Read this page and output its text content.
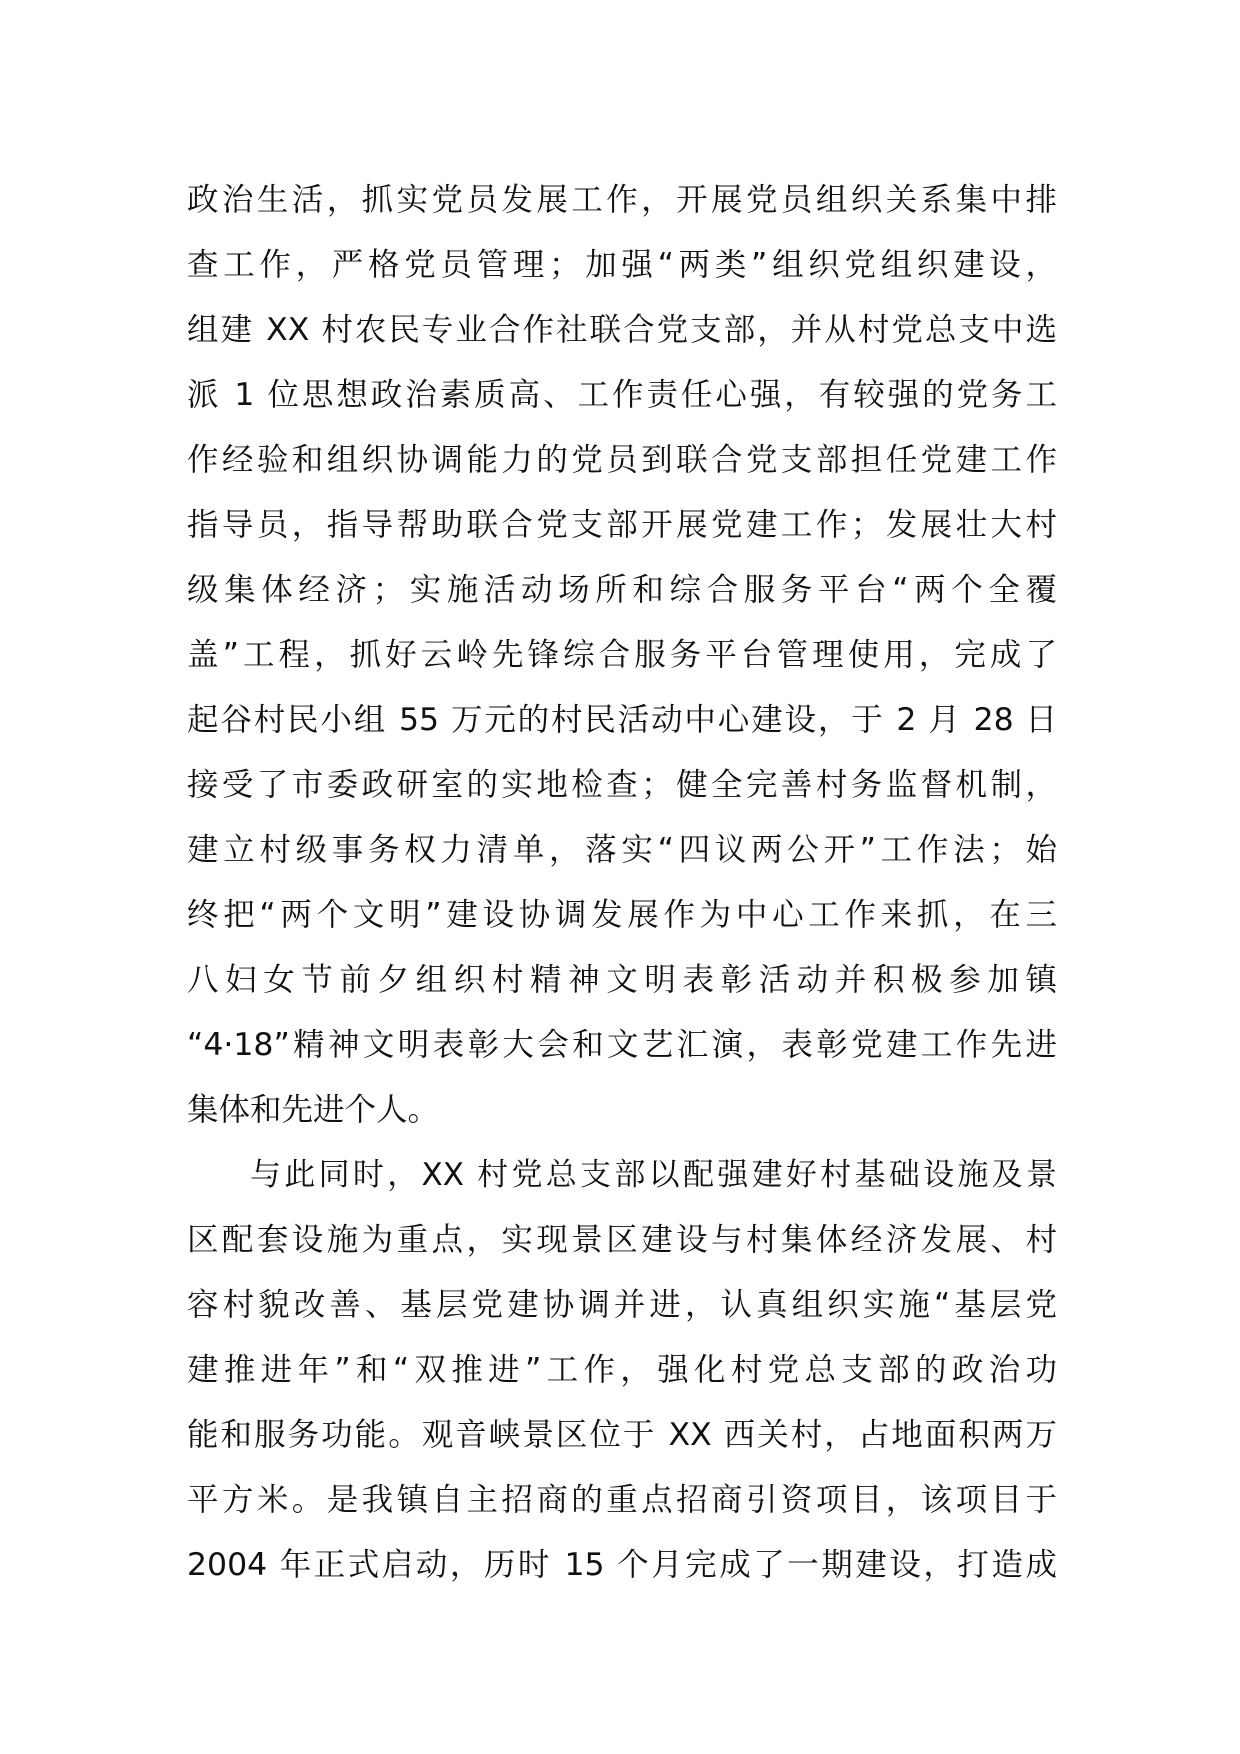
政治生活，抓实党员发展工作，开展党员组织关系集中排
查工作，严格党员管理；加强“两类”组织党组织建设，
组建 XX 村农民专业合作社联合党支部，并从村党总支中选
派 1 位思想政治素质高、工作责任心强，有较强的党务工
作经验和组织协调能力的党员到联合党支部担任党建工作
指导员，指导帮助联合党支部开展党建工作；发展壮大村
级集体经济；实施活动场所和综合服务平台“两个全覆
盖”工程，抓好云岭先锋综合服务平台管理使用，完成了
起谷村民小组 55 万元的村民活动中心建设，于 2 月 28 日
接受了市委政研室的实地检查；健全完善村务监督机制，
建立村级事务权力清单，落实“四议两公开”工作法；始
终把“两个文明”建设协调发展作为中心工作来抓，在三
八妇女节前夕组织村精神文明表彰活动并积极参加镇
“4·18”精神文明表彰大会和文艺汇演，表彰党建工作先进
集体和先进个人。
与此同时，XX 村党总支部以配强建好村基础设施及景
区配套设施为重点，实现景区建设与村集体经济发展、村
容村貌改善、基层党建协调并进，认真组织实施“基层党
建推进年”和“双推进”工作，强化村党总支部的政治功
能和服务功能。观音峡景区位于 XX 西关村，占地面积两万
平方米。是我镇自主招商的重点招商引资项目，该项目于
2004 年正式启动，历时 15 个月完成了一期建设，打造成
